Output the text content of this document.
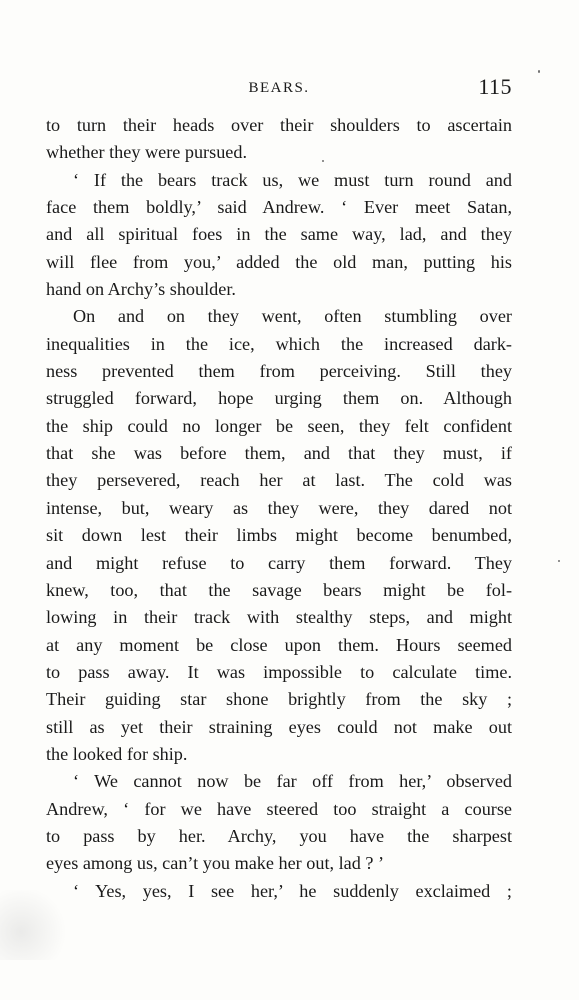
BEARS.	115
to turn their heads over their shoulders to ascertain
whether they were pursued.
‘ If the bears track us, we must turn round and
face them boldly,’ said Andrew. ‘ Ever meet Satan,
and all spiritual foes in the same way, lad, and they
will flee from you,’ added the old man, putting his
hand on Archy’s shoulder.
On and on they went, often stumbling over
inequalities in the ice, which the increased dark-
ness prevented them from perceiving. Still they
struggled forward, hope urging them on. Although
the ship could no longer be seen, they felt confident
that she was before them, and that they must, if
they persevered, reach her at last. The cold was
intense, but, weary as they were, they dared not
sit down lest their limbs might become benumbed,
and might refuse to carry them forward. They
knew, too, that the savage bears might be fol-
lowing in their track with stealthy steps, and might
at any moment be close upon them. Hours seemed
to pass away. It was impossible to calculate time.
Their guiding star shone brightly from the sky ;
still as yet their straining eyes could not make out
the looked for ship.
‘ We cannot now be far off from her,’ observed
Andrew, ‘ for we have steered too straight a course
to pass by her. Archy, you have the sharpest
eyes among us, can’t you make her out, lad ? ’
‘ Yes, yes, I see her,’ he suddenly exclaimed ;
